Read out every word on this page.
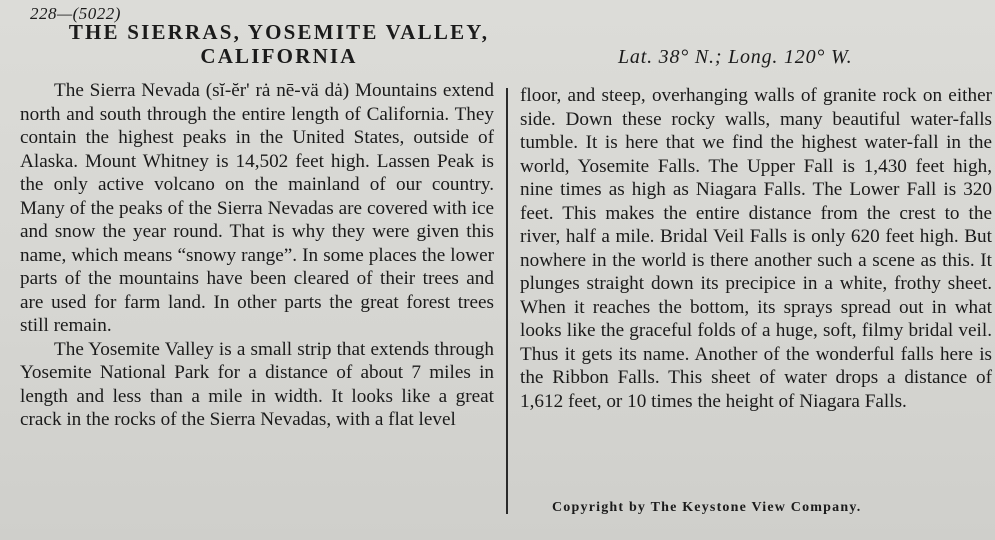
228—(5022)
THE SIERRAS, YOSEMITE VALLEY,
CALIFORNIA	Lat. 38° N.; Long. 120° W.

The Sierra Nevada (sĭ-ĕr' rȧ nē-vä dȧ) Mountains extend north and south through the entire length of California. They contain the highest peaks in the United States, outside of Alaska. Mount Whitney is 14,502 feet high. Lassen Peak is the only active volcano on the mainland of our country. Many of the peaks of the Sierra Nevadas are covered with ice and snow the year round. That is why they were given this name, which means “snowy range”. In some places the lower parts of the mountains have been cleared of their trees and are used for farm land. In other parts the great forest trees still remain.

The Yosemite Valley is a small strip that extends through Yosemite National Park for a distance of about 7 miles in length and less than a mile in width. It looks like a great crack in the rocks of the Sierra Nevadas, with a flat level

floor, and steep, overhanging walls of granite rock on either side. Down these rocky walls, many beautiful water-falls tumble. It is here that we find the highest water-fall in the world, Yosemite Falls. The Upper Fall is 1,430 feet high, nine times as high as Niagara Falls. The Lower Fall is 320 feet. This makes the entire distance from the crest to the river, half a mile. Bridal Veil Falls is only 620 feet high. But nowhere in the world is there another such a scene as this. It plunges straight down its precipice in a white, frothy sheet. When it reaches the bottom, its sprays spread out in what looks like the graceful folds of a huge, soft, filmy bridal veil. Thus it gets its name. Another of the wonderful falls here is the Ribbon Falls. This sheet of water drops a distance of 1,612 feet, or 10 times the height of Niagara Falls.

Copyright by The Keystone View Company.
